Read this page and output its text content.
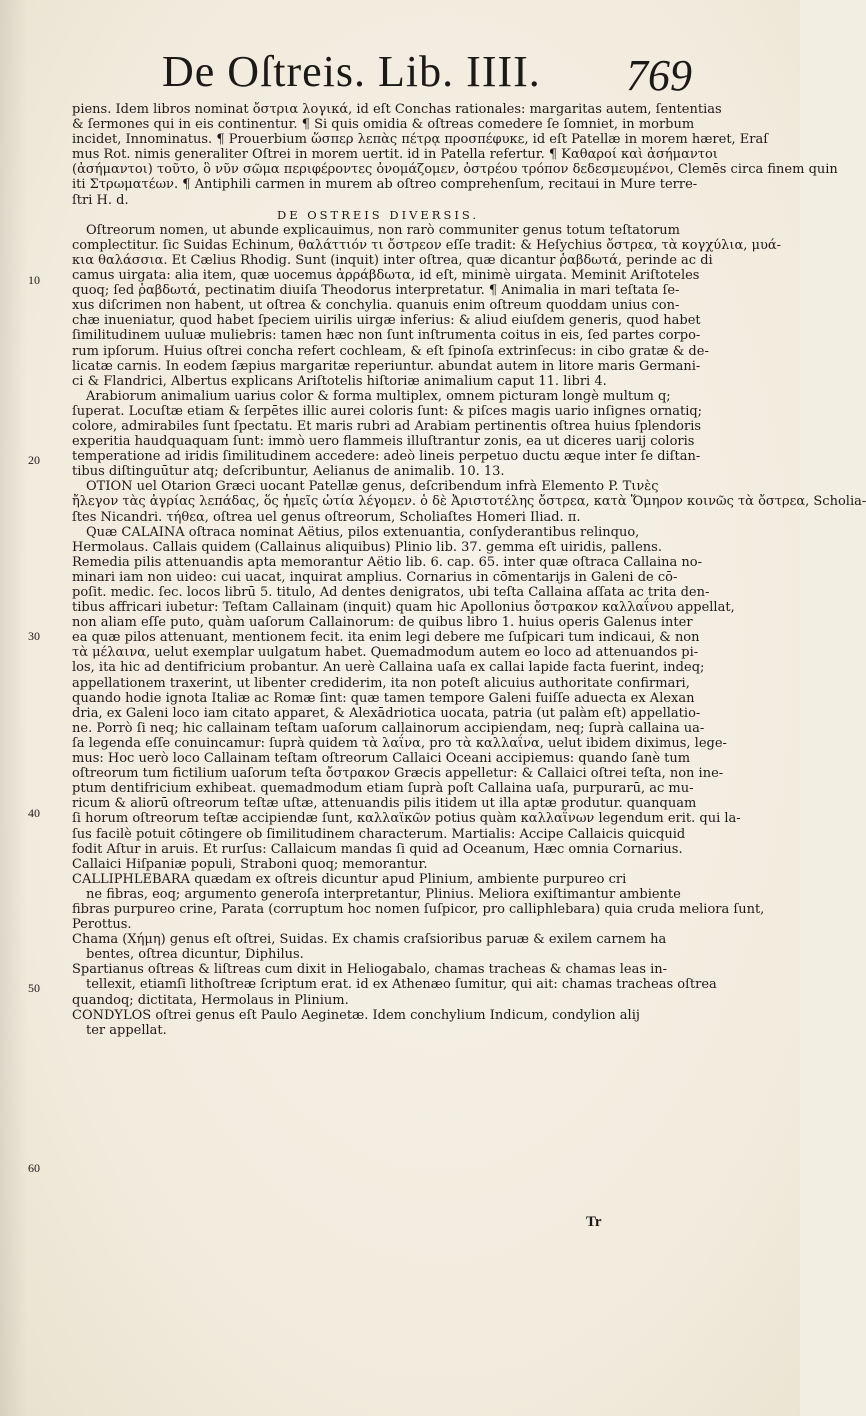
De Oſtreis. Lib. IIII. 769
10
20
30
40
50
60
piens. Idem libros nominat ὄστρια λογικά, id eſt Conchas rationales: margaritas autem, ſententias
& ſermones qui in eis continentur. ¶ Si quis omidia & oſtreas comedere ſe ſomniet, in morbum
incidet, Innominatus. ¶ Prouerbium ὥσπερ λεπὰς πέτρᾳ προσπέφυκε, id eſt Patellæ in morem hæret, Eraſ
mus Rot. nimis generaliter Oſtrei in morem uertit. id in Patella refertur. ¶ Καθαροί καὶ ἀσήμαντοι
(ἀσήμαντοι) τοῦτο, ὃ νῦν σῶμα περιφέροντες ὀνομάζομεν, ὀστρέου τρόπον δεδεσμευμένοι, Clemēs circa finem quin
iti Στρωματέων. ¶ Antiphili carmen in murem ab oſtreo comprehenſum, recitaui in Mure terre-
ſtri H. d.
DE OSTREIS DIVERSIS.
Oſtreorum nomen, ut abunde explicauimus, non rarò communiter genus totum teſtatorum
complectitur. ſic Suidas Echinum, θαλάττιόν τι ὄστρεον eſſe tradit: & Heſychius ὄστρεα, τὰ κογχύλια, μυά-
κια θαλάσσια. Et Cælius Rhodig. Sunt (inquit) inter oſtrea, quæ dicantur ῥαβδωτά, perinde ac di
camus uirgata: alia item, quæ uocemus ἀρράβδωτα, id eſt, minimè uirgata. Meminit Ariſtoteles
quoq; ſed ῥαβδωτά, pectinatim diuiſa Theodorus interpretatur. ¶ Animalia in mari teſtata ſe-
xus diſcrimen non habent, ut oſtrea & conchylia. quanuis enim oſtreum quoddam unius con-
chæ inueniatur, quod habet ſpeciem uirilis uirgæ inferius: & aliud eiuſdem generis, quod habet
ſimilitudinem uuluæ muliebris: tamen hæc non ſunt inſtrumenta coitus in eis, ſed partes corpo-
rum ipſorum. Huius oſtrei concha refert cochleam, & eſt ſpinoſa extrinſecus: in cibo gratæ & de-
licatæ carnis. In eodem ſæpius margaritæ reperiuntur. abundat autem in litore maris Germani-
ci & Flandrici, Albertus explicans Ariſtotelis hiſtoriæ animalium caput 11. libri 4.
Arabiorum animalium uarius color & forma multiplex, omnem picturam longè multum q;
ſuperat. Locuſtæ etiam & ſerpētes illic aurei coloris ſunt: & piſces magis uario inſignes ornatiq;
colore, admirabiles ſunt ſpectatu. Et maris rubri ad Arabiam pertinentis oſtrea huius ſplendoris
experitia haudquaquam ſunt: immò uero flammeis illuſtrantur zonis, ea ut diceres uarij coloris
temperatione ad iridis ſimilitudinem accedere: adeò lineis perpetuo ductu æque inter ſe diſtan-
tibus diſtinguūtur atq; deſcribuntur, Aelianus de animalib. 10. 13.
OTION uel Otarion Græci uocant Patellæ genus, deſcribendum infrà Elemento P. Τινὲς
ἤλεγον τὰς ἀγρίας λεπάδας, ὅς ἡμεῖς ὠτία λέγομεν. ὁ δὲ Ἀριστοτέλης ὄστρεα, κατὰ Ὅμηρον κοινῶς τὰ ὄστρεα, Scholia-
ſtes Nicandri. τήθεα, oſtrea uel genus oſtreorum, Scholiaſtes Homeri Iliad. π.
Quæ CALAINA oſtraca nominat Aëtius, pilos extenuantia, conſyderantibus relinquo,
Hermolaus. Callais quidem (Callainus aliquibus) Plinio lib. 37. gemma eſt uiridis, pallens.
Remedia pilis attenuandis apta memorantur Aëtio lib. 6. cap. 65. inter quæ oſtraca Callaina no-
minari iam non uideo: cui uacat, inquirat amplius. Cornarius in cōmentarijs in Galeni de cō-
poſit. medic. ſec. locos librū 5. titulo, Ad dentes denigratos, ubi teſta Callaina aſſata ac trita den-
tibus affricari iubetur: Teſtam Callainam (inquit) quam hic Apollonius ὄστρακον καλλαΐνου appellat,
non aliam eſſe puto, quàm uaſorum Callainorum: de quibus libro 1. huius operis Galenus inter
ea quæ pilos attenuant, mentionem fecit. ita enim legi debere me ſuſpicari tum indicaui, & non
τὰ μέλαινα, uelut exemplar uulgatum habet. Quemadmodum autem eo loco ad attenuandos pi-
los, ita hic ad dentifricium probantur. An uerè Callaina uaſa ex callai lapide facta fuerint, indeq;
appellationem traxerint, ut libenter crediderim, ita non poteſt alicuius authoritate confirmari,
quando hodie ignota Italiæ ac Romæ ſint: quæ tamen tempore Galeni fuiſſe aduecta ex Alexan
dria, ex Galeni loco iam citato apparet, & Alexādriotica uocata, patria (ut palàm eſt) appellatio-
ne. Porrò ſi neq; hic callainam teſtam uaſorum callainorum accipiendam, neq; ſuprà callaina ua-
ſa legenda eſſe conuincamur: ſuprà quidem τὰ λαΐνα, pro τὰ καλλαΐνα, uelut ibidem diximus, lege-
mus: Hoc uerò loco Callainam teſtam oſtreorum Callaici Oceani accipiemus: quando ſanè tum
oſtreorum tum fictilium uaſorum teſta ὄστρακον Græcis appelletur: & Callaici oſtrei teſta, non ine-
ptum dentifricium exhibeat. quemadmodum etiam ſuprà poſt Callaina uaſa, purpurarū, ac mu-
ricum & aliorū oſtreorum teſtæ uſtæ, attenuandis pilis itidem ut illa aptæ produtur. quanquam
ſi horum oſtreorum teſtæ accipiendæ ſunt, καλλαϊκῶν potius quàm καλλαΐνων legendum erit. qui la-
ſus facilè potuit cōtingere ob ſimilitudinem characterum. Martialis: Accipe Callaicis quicquid
fodit Aſtur in aruis. Et rurſus: Callaicum mandas ſi quid ad Oceanum, Hæc omnia Cornarius.
Callaici Hiſpaniæ populi, Straboni quoq; memorantur.
CALLIPHLEBARA quædam ex oſtreis dicuntur apud Plinium, ambiente purpureo cri
ne fibras, eoq; argumento generoſa interpretantur, Plinius. Meliora exiſtimantur ambiente
fibras purpureo crine, Parata (corruptum hoc nomen ſuſpicor, pro calliphlebara) quia cruda meliora ſunt,
Perottus.
Chama (Χήμη) genus eſt oſtrei, Suidas. Ex chamis craſsioribus paruæ & exilem carnem ha
bentes, oſtrea dicuntur, Diphilus.
Spartianus oſtreas & liſtreas cum dixit in Heliogabalo, chamas tracheas & chamas leas in-
tellexit, etiamſi lithoſtreæ ſcriptum erat. id ex Athenæo ſumitur, qui ait: chamas tracheas oſtrea
quandoq; dictitata, Hermolaus in Plinium.
CONDYLOS oſtrei genus eſt Paulo Aeginetæ. Idem conchylium Indicum, condylion alij
ter appellat.
Tr
